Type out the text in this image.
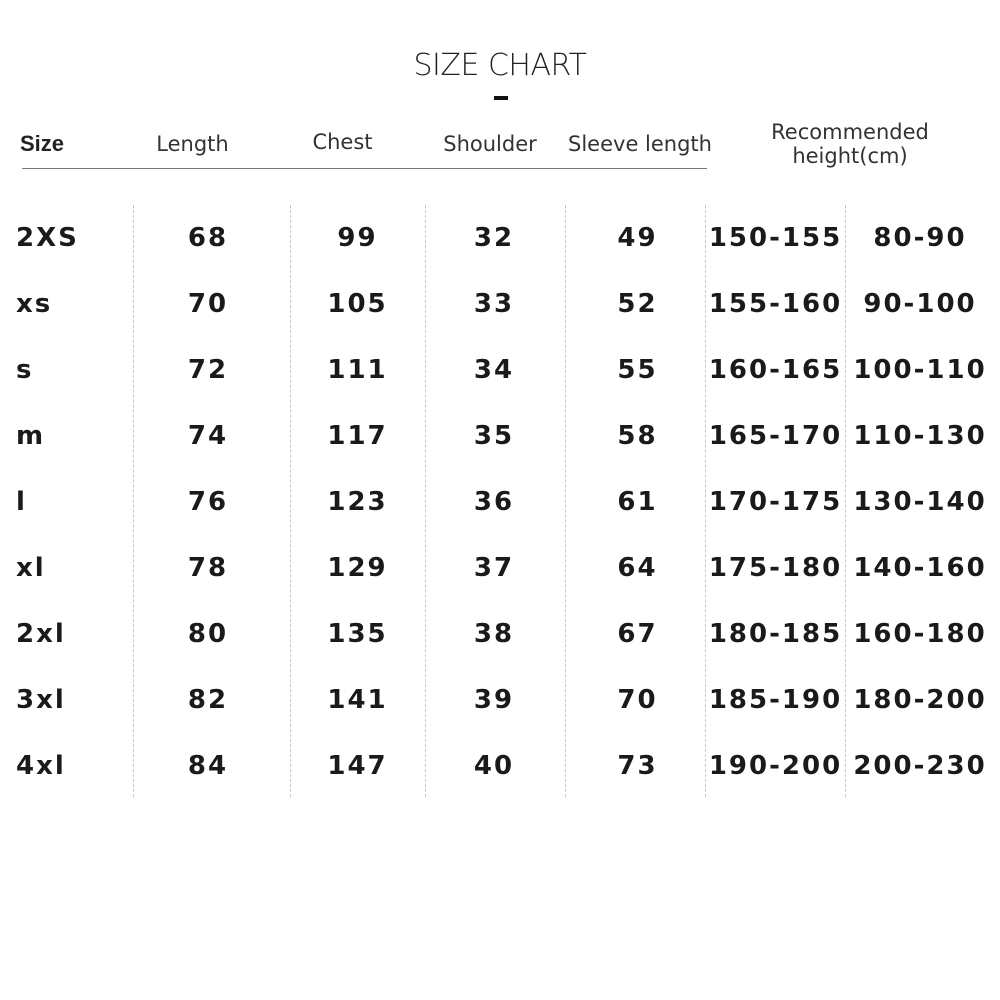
SIZE CHART
Size	Length	Chest	Shoulder	Sleeve length	Recommended
height(cm)
2XS	68	99	32	49	150-155	80-90
xs	70	105	33	52	155-160 90-100
s	72	111	34	55	160-165 100-110
m	74	117	35	58	165-170 110-130
l	76	123	36	61	170-175 130-140
xl	78	129	37	64	175-180 140-160
2xl	80	135	38	67	180-185 160-180
3xl	82	141	39	70	185-190 180-200
4xl	84	147	40	73	190-200 200-230
